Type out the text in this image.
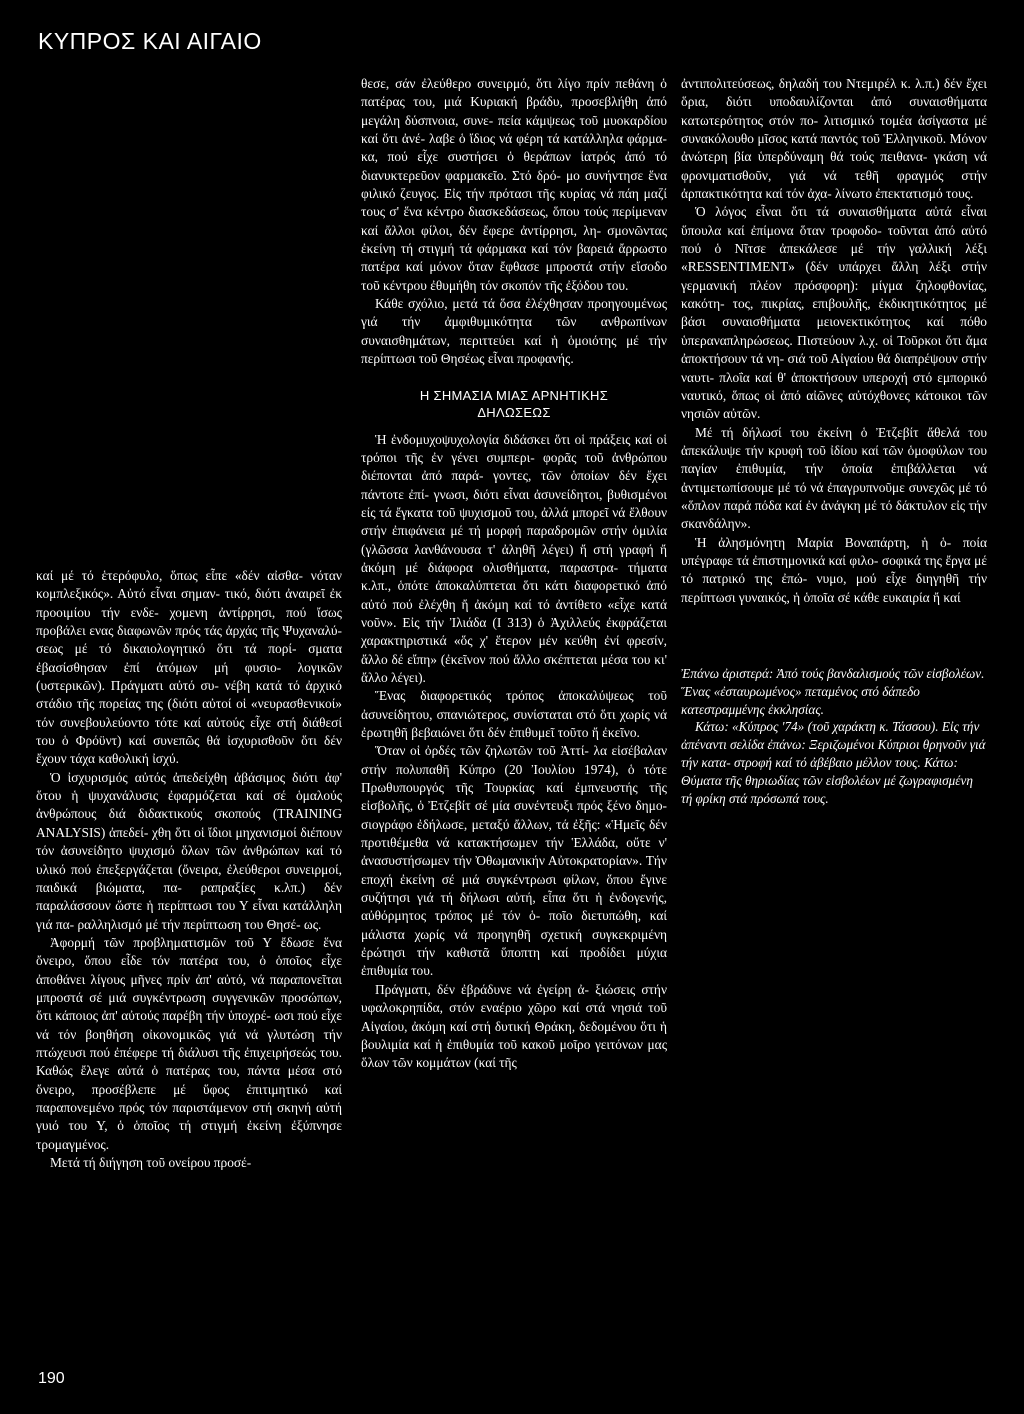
ΚΥΠΡΟΣ ΚΑΙ ΑΙΓΑΙΟ

καί μέ τό ἑτερόφυλο, ὅπως εἶπε «δέν αἰσθα- νόταν κομπλεξικός». Αὐτό εἶναι σημαν- τικό, διότι ἀναιρεῖ ἐκ προοιμίου τήν ενδε- χομενη ἀντίρρησι, πού ἴσως προβάλει ενας διαφωνῶν πρός τάς ἀρχάς τῆς Ψυχαναλύ- σεως μέ τό δικαιολογητικό ὅτι τά πορί- σματα ἐβασίσθησαν ἐπί ἀτόμων μή φυσιο- λογικῶν (υστερικῶν). Πράγματι αὐτό συ- νέβη κατά τό ἀρχικό στάδιο τῆς πορείας της (διότι αὐτοί οἱ «νευρασθενικοί» τόν συνεβουλεύοντο τότε καί αὐτούς εἶχε στή διάθεσί του ὁ Φρόϋντ) καί συνεπῶς θά ἰσχυρισθοῦν ὅτι δέν ἔχουν τάχα καθολική ἰσχύ.

Ὁ ἰσχυρισμός αὐτός ἀπεδείχθη ἀβάσιμος διότι ἀφ' ὅτου ἡ ψυχανάλυσις ἐφαρμόζεται καί σέ ὁμαλούς ἀνθρώπους διά διδακτικούς σκοπούς (TRAINING ANALYSIS) ἀπεδεί- χθη ὅτι οἱ ἴδιοι μηχανισμοί διέπουν τόν ἀσυνείδητο ψυχισμό ὅλων τῶν ἀνθρώπων καί τό υλικό πού ἐπεξεργάζεται (ὄνειρα, ἐλεύθεροι συνειρμοί, παιδικά βιώματα, πα- ραπραξίες κ.λπ.) δέν παραλάσσουν ὥστε ἡ περίπτωσι του Υ εἶναι κατάλληλη γιά πα- ραλληλισμό μέ τήν περίπτωση του Θησέ- ως.

Ἀφορμή τῶν προβληματισμῶν τοῦ Υ ἔδωσε ἕνα ὄνειρο, ὅπου εἶδε τόν πατέρα του, ὁ ὁποῖος εἶχε ἀποθάνει λίγους μῆνες πρίν ἀπ' αὐτό, νά παραπονεῖται μπροστά σέ μιά συγκέντρωση συγγενικῶν προσώπων, ὅτι κάποιος ἀπ' αὐτούς παρέβη τήν ὑποχρέ- ωσι πού εἶχε νά τόν βοηθήση οἰκονομικῶς γιά νά γλυτώση τήν πτώχευσι πού ἐπέφερε τή διάλυσι τῆς ἐπιχειρήσεώς του. Καθώς ἔλεγε αὐτά ὁ πατέρας του, πάντα μέσα στό ὄνειρο, προσέβλεπε μέ ὕφος ἐπιτιμητικό καί παραπονεμένο πρός τόν παριστάμενον στή σκηνή αὐτή γυιό του Υ, ὁ ὁποῖος τή στιγμή ἐκείνη ἐξύπνησε τρομαγμένος.

Μετά τή διήγηση τοῦ ονείρου προσέ-

θεσε, σάν ἐλεύθερο συνειρμό, ὅτι λίγο πρίν πεθάνη ὁ πατέρας του, μιά Κυριακή βράδυ, προσεβλήθη ἀπό μεγάλη δύσπνοια, συνε- πεία κάμψεως τοῦ μυοκαρδίου καί ὅτι ἀνέ- λαβε ὁ ἴδιος νά φέρη τά κατάλληλα φάρμα- κα, πού εἶχε συστήσει ὁ θεράπων ἰατρός ἀπό τό διανυκτερεῦον φαρμακεῖο. Στό δρό- μο συνήντησε ἕνα φιλικό ζευγος. Εἰς τήν πρότασι τῆς κυρίας νά πάη μαζί τους σ' ἕνα κέντρο διασκεδάσεως, ὅπου τούς περίμεναν καί ἄλλοι φίλοι, δέν ἔφερε ἀντίρρησι, λη- σμονῶντας ἐκείνη τή στιγμή τά φάρμακα καί τόν βαρειά ἄρρωστο πατέρα καί μόνον ὅταν ἔφθασε μπροστά στήν εἴσοδο τοῦ κέντρου ἐθυμήθη τόν σκοπόν τῆς ἐξόδου του.

Κάθε σχόλιο, μετά τά ὅσα ἐλέχθησαν προηγουμένως γιά τήν ἀμφιθυμικότητα τῶν ανθρωπίνων συναισθημάτων, περιττεύει καί ἡ ὁμοιότης μέ τήν περίπτωσι τοῦ Θησέως εἶναι προφανής.

Η ΣΗΜΑΣΙΑ ΜΙΑΣ ΑΡΝΗΤΙΚΗΣ
ΔΗΛΩΣΕΩΣ

Ἡ ἐνδομυχοψυχολογία διδάσκει ὅτι οἱ πράξεις καί οἱ τρόποι τῆς ἐν γένει συμπερι- φορᾶς τοῦ ἀνθρώπου διέπονται ἀπό παρά- γοντες, τῶν ὁποίων δέν ἔχει πάντοτε ἐπί- γνωσι, διότι εἶναι ἀσυνείδητοι, βυθισμένοι είς τά ἔγκατα τοῦ ψυχισμοῦ του, ἀλλά μπορεῖ νά ἔλθουν στήν ἐπιφάνεια μέ τή μορφή παραδρομῶν στήν ὁμιλία (γλῶσσα λανθάνουσα τ' ἀληθῆ λέγει) ἤ στή γραφή ἤ ἀκόμη μέ διάφορα ολισθήματα, παραστρα- τήματα κ.λπ., ὁπότε ἀποκαλύπτεται ὅτι κάτι διαφορετικό ἀπό αὐτό πού ἐλέχθη ἤ ἀκόμη καί τό ἀντίθετο «εἶχε κατά νοῦν». Εἰς τήν Ἰλιάδα (Ι 313) ὁ Ἀχιλλεύς ἐκφράζεται χαρακτηριστικά «ὅς χ' ἕτερον μέν κεύθη ἐνί φρεσίν, ἄλλο δέ εἴπη» (ἐκεῖνον πού ἄλλο σκέπτεται μέσα του κι' ἄλλο λέγει).

Ἕνας διαφορετικός τρόπος ἀποκαλύψεως τοῦ ἀσυνείδητου, σπανιώτερος, συνίσταται στό ὅτι χωρίς νά ἐρωτηθῆ βεβαιώνει ὅτι δέν ἐπιθυμεῖ τοῦτο ἤ ἐκεῖνο.

Ὅταν οἱ ὀρδές τῶν ζηλωτῶν τοῦ Ἀττί- λα εἰσέβαλαν στήν πολυπαθῆ Κύπρο (20 Ἰουλίου 1974), ὁ τότε Πρωθυπουργός τῆς Τουρκίας καί ἐμπνευστής τῆς εἰσβολῆς, ὁ Ἐτζεβίτ σέ μία συνέντευξι πρός ξένο δημο- σιογράφο ἐδήλωσε, μεταξύ ἄλλων, τά ἐξῆς: «Ἡμεῖς δέν προτιθέμεθα νά κατακτήσωμεν τήν Ἑλλάδα, οὔτε ν' ἀνασυστήσωμεν τήν Ὀθωμανικήν Αὐτοκρατορίαν». Τήν εποχή ἐκείνη σέ μιά συγκέντρωσι φίλων, ὅπου ἔγινε συζήτησι γιά τή δήλωσι αὐτή, εἶπα ὅτι ἡ ἐνδογενής, αὐθόρμητος τρόπος μέ τόν ὁ- ποῖο διετυπώθη, καί μάλιστα χωρίς νά προηγηθῆ σχετική συγκεκριμένη ἐρώτησι τήν καθιστᾶ ὕποπτη καί προδίδει μύχια ἐπιθυμία του.

Πράγματι, δέν ἐβράδυνε νά ἐγείρη ἀ- ξιώσεις στήν υφαλοκρηπίδα, στόν εναέριο χῶρο καί στά νησιά τοῦ Αἰγαίου, ἀκόμη καί στή δυτική Θράκη, δεδομένου ὅτι ἡ βουλιμία καί ἡ ἐπιθυμία τοῦ κακοῦ μοῖρο γειτόνων μας ὅλων τῶν κομμάτων (καί τῆς

ἀντιπολιτεύσεως, δηλαδή του Ντεμιρέλ κ. λ.π.) δέν ἔχει ὅρια, διότι υποδαυλίζονται ἀπό συναισθήματα κατωτερότητος στόν πο- λιτισμικό τομέα ἀσίγαστα μέ συνακόλουθο μῖσος κατά παντός τοῦ Ἑλληνικοῦ. Μόνον ἀνώτερη βία ὑπερδύναμη θά τούς πειθανα- γκάση νά φρονιματισθοῦν, γιά νά τεθῆ φραγμός στήν ἀρπακτικότητα καί τόν ἀχα- λίνωτο ἐπεκτατισμό τους.

Ὁ λόγος εἶναι ὅτι τά συναισθήματα αὐτά εἶναι ὕπουλα καί ἐπίμονα ὅταν τροφοδο- τοῦνται ἀπό αὐτό πού ὁ Νῖτσε ἀπεκάλεσε μέ τήν γαλλική λέξι «RESSENTIMENT» (δέν υπάρχει ἄλλη λέξι στήν γερμανική πλέον πρόσφορη): μίγμα ζηλοφθονίας, κακότη- τος, πικρίας, επιβουλῆς, ἐκδικητικότητος μέ βάσι συναισθήματα μειονεκτικότητος καί πόθο ὑπεραναπληρώσεως. Πιστεύουν λ.χ. οἱ Τοῦρκοι ὅτι ἅμα ἀποκτήσουν τά νη- σιά τοῦ Αἰγαίου θά διαπρέψουν στήν ναυτι- πλοΐα καί θ' ἀποκτήσουν υπεροχή στό εμπορικό ναυτικό, ὅπως οἱ ἀπό αἰῶνες αὐτόχθονες κάτοικοι τῶν νησιῶν αὐτῶν.

Μέ τή δήλωσί του ἐκείνη ὁ Ἐτζεβίτ ἄθελά του ἀπεκάλυψε τήν κρυφή τοῦ ἰδίου καί τῶν ὁμοφύλων του παγίαν ἐπιθυμία, τήν ὁποία ἐπιβάλλεται νά ἀντιμετωπίσουμε μέ τό νά ἐπαγρυπνοῦμε συνεχῶς μέ τό «ὅπλον παρά πόδα καί ἐν ἀνάγκη μέ τό δάκτυλον εἰς τήν σκανδάλην».

Ἡ ἀλησμόνητη Μαρία Βοναπάρτη, ἡ ὁ- ποία υπέγραφε τά ἐπιστημονικά καί φιλο- σοφικά της ἔργα μέ τό πατρικό της ἐπώ- νυμο, μού εἶχε διηγηθῆ τήν περίπτωσι γυναικός, ἡ ὁποῖα σέ κάθε ευκαιρία ἤ καί

Ἐπάνω ἀριστερά: Ἀπό τούς βανδαλισμούς τῶν εἰσβολέων. Ἕνας «ἐσταυρωμένος» πεταμένος στό δάπεδο κατεστραμμένης ἐκκλησίας.

Κάτω: «Κύπρος '74» (τοῦ χαράκτη κ. Τάσσου). Εἰς τήν ἀπέναντι σελίδα ἐπάνω: Ξεριζωμένοι Κύπριοι θρηνοῦν γιά τήν κατα- στροφή καί τό ἀβέβαιο μέλλον τους. Κάτω: Θύματα τῆς θηριωδίας τῶν εἰσβολέων μέ ζωγραφισμένη τή φρίκη στά πρόσωπά τους.

190
